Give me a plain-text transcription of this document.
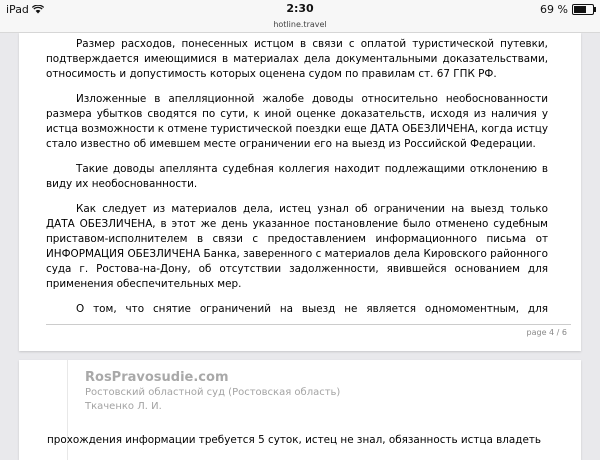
iPad	2:30	69 %
hotline.travel

Размер расходов, понесенных истцом в связи с оплатой туристической путевки, подтверждается имеющимися в материалах дела документальными доказательствами, относимость и допустимость которых оценена судом по правилам ст. 67 ГПК РФ.

Изложенные в апелляционной жалобе доводы относительно необоснованности размера убытков сводятся по сути, к иной оценке доказательств, исходя из наличия у истца возможности к отмене туристической поездки еще ДАТА ОБЕЗЛИЧЕНА, когда истцу стало известно об имевшем месте ограничении его на выезд из Российской Федерации.

Такие доводы апеллянта судебная коллегия находит подлежащими отклонению в виду их необоснованности.

Как следует из материалов дела, истец узнал об ограничении на выезд только ДАТА ОБЕЗЛИЧЕНА, в этот же день указанное постановление было отменено судебным приставом-исполнителем в связи с предоставлением информационного письма от ИНФОРМАЦИЯ ОБЕЗЛИЧЕНА Банка, заверенного с материалов дела Кировского районного суда г. Ростова-на-Дону, об отсутствии задолженности, явившейся основанием для применения обеспечительных мер.

О том, что снятие ограничений на выезд не является одномоментным, для

page 4 / 6
RosPravosudie.com
Ростовский областной суд (Ростовская область)
Ткаченко Л. И.
прохождения информации требуется 5 суток, истец не знал, обязанность истца владеть
